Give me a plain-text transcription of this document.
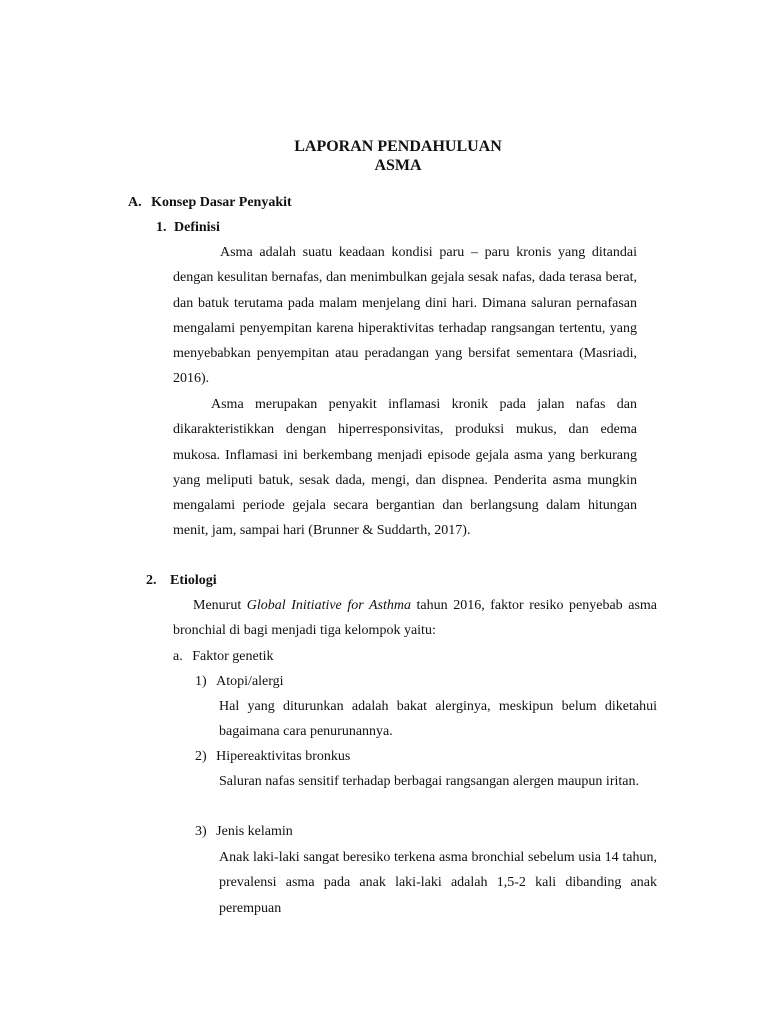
LAPORAN PENDAHULUAN
ASMA
A. Konsep Dasar Penyakit
1. Definisi
Asma adalah suatu keadaan kondisi paru – paru kronis yang ditandai dengan kesulitan bernafas, dan menimbulkan gejala sesak nafas, dada terasa berat, dan batuk terutama pada malam menjelang dini hari. Dimana saluran pernafasan mengalami penyempitan karena hiperaktivitas terhadap rangsangan tertentu, yang menyebabkan penyempitan atau peradangan yang bersifat sementara (Masriadi, 2016).
Asma merupakan penyakit inflamasi kronik pada jalan nafas dan dikarakteristikkan dengan hiperresponsivitas, produksi mukus, dan edema mukosa. Inflamasi ini berkembang menjadi episode gejala asma yang berkurang yang meliputi batuk, sesak dada, mengi, dan dispnea. Penderita asma mungkin mengalami periode gejala secara bergantian dan berlangsung dalam hitungan menit, jam, sampai hari (Brunner & Suddarth, 2017).
2. Etiologi
Menurut Global Initiative for Asthma tahun 2016, faktor resiko penyebab asma bronchial di bagi menjadi tiga kelompok yaitu:
a. Faktor genetik
1) Atopi/alergi
Hal yang diturunkan adalah bakat alerginya, meskipun belum diketahui bagaimana cara penurunannya.
2) Hipereaktivitas bronkus
Saluran nafas sensitif terhadap berbagai rangsangan alergen maupun iritan.
3) Jenis kelamin
Anak laki-laki sangat beresiko terkena asma bronchial sebelum usia 14 tahun, prevalensi asma pada anak laki-laki adalah 1,5-2 kali dibanding anak perempuan
